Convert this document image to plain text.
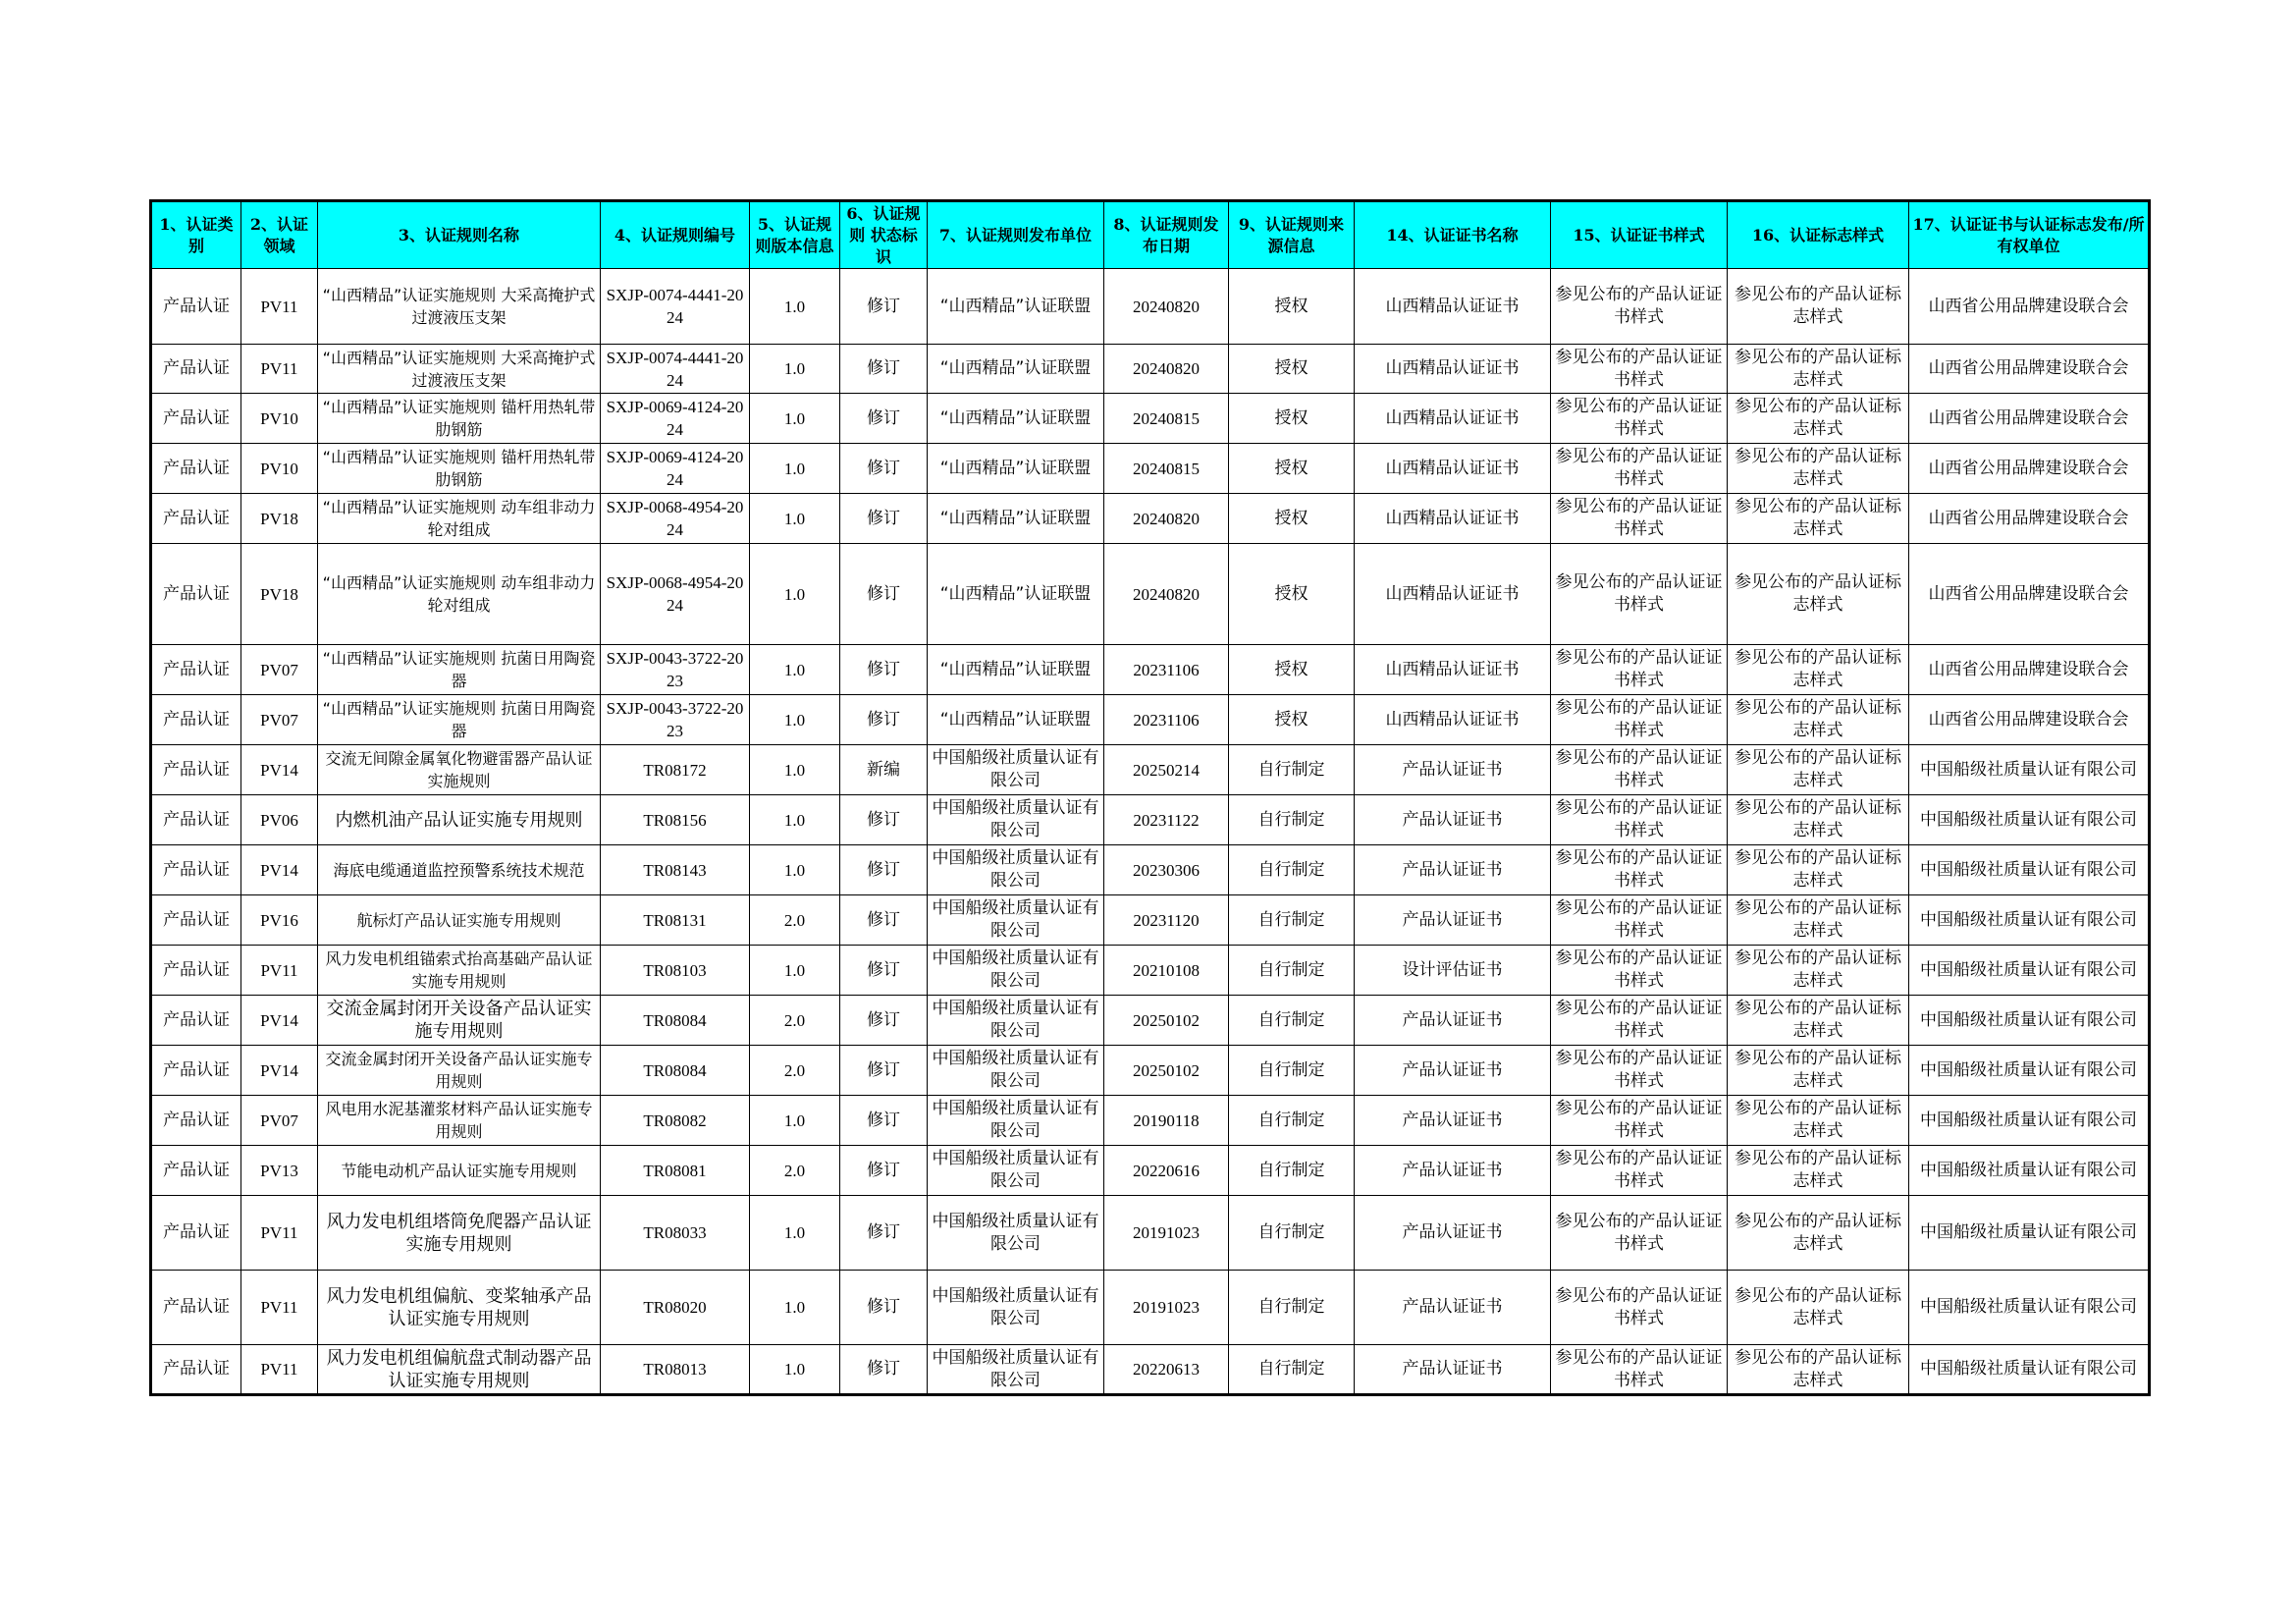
1、认证类别	2、认证领域	3、认证规则名称	4、认证规则编号	5、认证规则版本信息	6、认证规则 状态标识	7、认证规则发布单位	8、认证规则发布日期	9、认证规则来源信息	14、认证证书名称	15、认证证书样式	16、认证标志样式	17、认证证书与认证标志发布/所有权单位
产品认证	PV11	“山西精品”认证实施规则 大采高掩护式过渡液压支架	SXJP-0074-4441-2024	1.0	修订	“山西精品”认证联盟	20240820	授权	山西精品认证证书	参见公布的产品认证证书样式	参见公布的产品认证标志样式	山西省公用品牌建设联合会
产品认证	PV11	“山西精品”认证实施规则 大采高掩护式过渡液压支架	SXJP-0074-4441-2024	1.0	修订	“山西精品”认证联盟	20240820	授权	山西精品认证证书	参见公布的产品认证证书样式	参见公布的产品认证标志样式	山西省公用品牌建设联合会
产品认证	PV10	“山西精品”认证实施规则 锚杆用热轧带肋钢筋	SXJP-0069-4124-2024	1.0	修订	“山西精品”认证联盟	20240815	授权	山西精品认证证书	参见公布的产品认证证书样式	参见公布的产品认证标志样式	山西省公用品牌建设联合会
产品认证	PV10	“山西精品”认证实施规则 锚杆用热轧带肋钢筋	SXJP-0069-4124-2024	1.0	修订	“山西精品”认证联盟	20240815	授权	山西精品认证证书	参见公布的产品认证证书样式	参见公布的产品认证标志样式	山西省公用品牌建设联合会
产品认证	PV18	“山西精品”认证实施规则 动车组非动力轮对组成	SXJP-0068-4954-2024	1.0	修订	“山西精品”认证联盟	20240820	授权	山西精品认证证书	参见公布的产品认证证书样式	参见公布的产品认证标志样式	山西省公用品牌建设联合会
产品认证	PV18	“山西精品”认证实施规则 动车组非动力轮对组成	SXJP-0068-4954-2024	1.0	修订	“山西精品”认证联盟	20240820	授权	山西精品认证证书	参见公布的产品认证证书样式	参见公布的产品认证标志样式	山西省公用品牌建设联合会
产品认证	PV07	“山西精品”认证实施规则 抗菌日用陶瓷器	SXJP-0043-3722-2023	1.0	修订	“山西精品”认证联盟	20231106	授权	山西精品认证证书	参见公布的产品认证证书样式	参见公布的产品认证标志样式	山西省公用品牌建设联合会
产品认证	PV07	“山西精品”认证实施规则 抗菌日用陶瓷器	SXJP-0043-3722-2023	1.0	修订	“山西精品”认证联盟	20231106	授权	山西精品认证证书	参见公布的产品认证证书样式	参见公布的产品认证标志样式	山西省公用品牌建设联合会
产品认证	PV14	交流无间隙金属氧化物避雷器产品认证实施规则	TR08172	1.0	新编	中国船级社质量认证有限公司	20250214	自行制定	产品认证证书	参见公布的产品认证证书样式	参见公布的产品认证标志样式	中国船级社质量认证有限公司
产品认证	PV06	内燃机油产品认证实施专用规则	TR08156	1.0	修订	中国船级社质量认证有限公司	20231122	自行制定	产品认证证书	参见公布的产品认证证书样式	参见公布的产品认证标志样式	中国船级社质量认证有限公司
产品认证	PV14	海底电缆通道监控预警系统技术规范	TR08143	1.0	修订	中国船级社质量认证有限公司	20230306	自行制定	产品认证证书	参见公布的产品认证证书样式	参见公布的产品认证标志样式	中国船级社质量认证有限公司
产品认证	PV16	航标灯产品认证实施专用规则	TR08131	2.0	修订	中国船级社质量认证有限公司	20231120	自行制定	产品认证证书	参见公布的产品认证证书样式	参见公布的产品认证标志样式	中国船级社质量认证有限公司
产品认证	PV11	风力发电机组锚索式抬高基础产品认证实施专用规则	TR08103	1.0	修订	中国船级社质量认证有限公司	20210108	自行制定	设计评估证书	参见公布的产品认证证书样式	参见公布的产品认证标志样式	中国船级社质量认证有限公司
产品认证	PV14	交流金属封闭开关设备产品认证实施专用规则	TR08084	2.0	修订	中国船级社质量认证有限公司	20250102	自行制定	产品认证证书	参见公布的产品认证证书样式	参见公布的产品认证标志样式	中国船级社质量认证有限公司
产品认证	PV14	交流金属封闭开关设备产品认证实施专用规则	TR08084	2.0	修订	中国船级社质量认证有限公司	20250102	自行制定	产品认证证书	参见公布的产品认证证书样式	参见公布的产品认证标志样式	中国船级社质量认证有限公司
产品认证	PV07	风电用水泥基灌浆材料产品认证实施专用规则	TR08082	1.0	修订	中国船级社质量认证有限公司	20190118	自行制定	产品认证证书	参见公布的产品认证证书样式	参见公布的产品认证标志样式	中国船级社质量认证有限公司
产品认证	PV13	节能电动机产品认证实施专用规则	TR08081	2.0	修订	中国船级社质量认证有限公司	20220616	自行制定	产品认证证书	参见公布的产品认证证书样式	参见公布的产品认证标志样式	中国船级社质量认证有限公司
产品认证	PV11	风力发电机组塔筒免爬器产品认证实施专用规则	TR08033	1.0	修订	中国船级社质量认证有限公司	20191023	自行制定	产品认证证书	参见公布的产品认证证书样式	参见公布的产品认证标志样式	中国船级社质量认证有限公司
产品认证	PV11	风力发电机组偏航、变桨轴承产品认证实施专用规则	TR08020	1.0	修订	中国船级社质量认证有限公司	20191023	自行制定	产品认证证书	参见公布的产品认证证书样式	参见公布的产品认证标志样式	中国船级社质量认证有限公司
产品认证	PV11	风力发电机组偏航盘式制动器产品认证实施专用规则	TR08013	1.0	修订	中国船级社质量认证有限公司	20220613	自行制定	产品认证证书	参见公布的产品认证证书样式	参见公布的产品认证标志样式	中国船级社质量认证有限公司
